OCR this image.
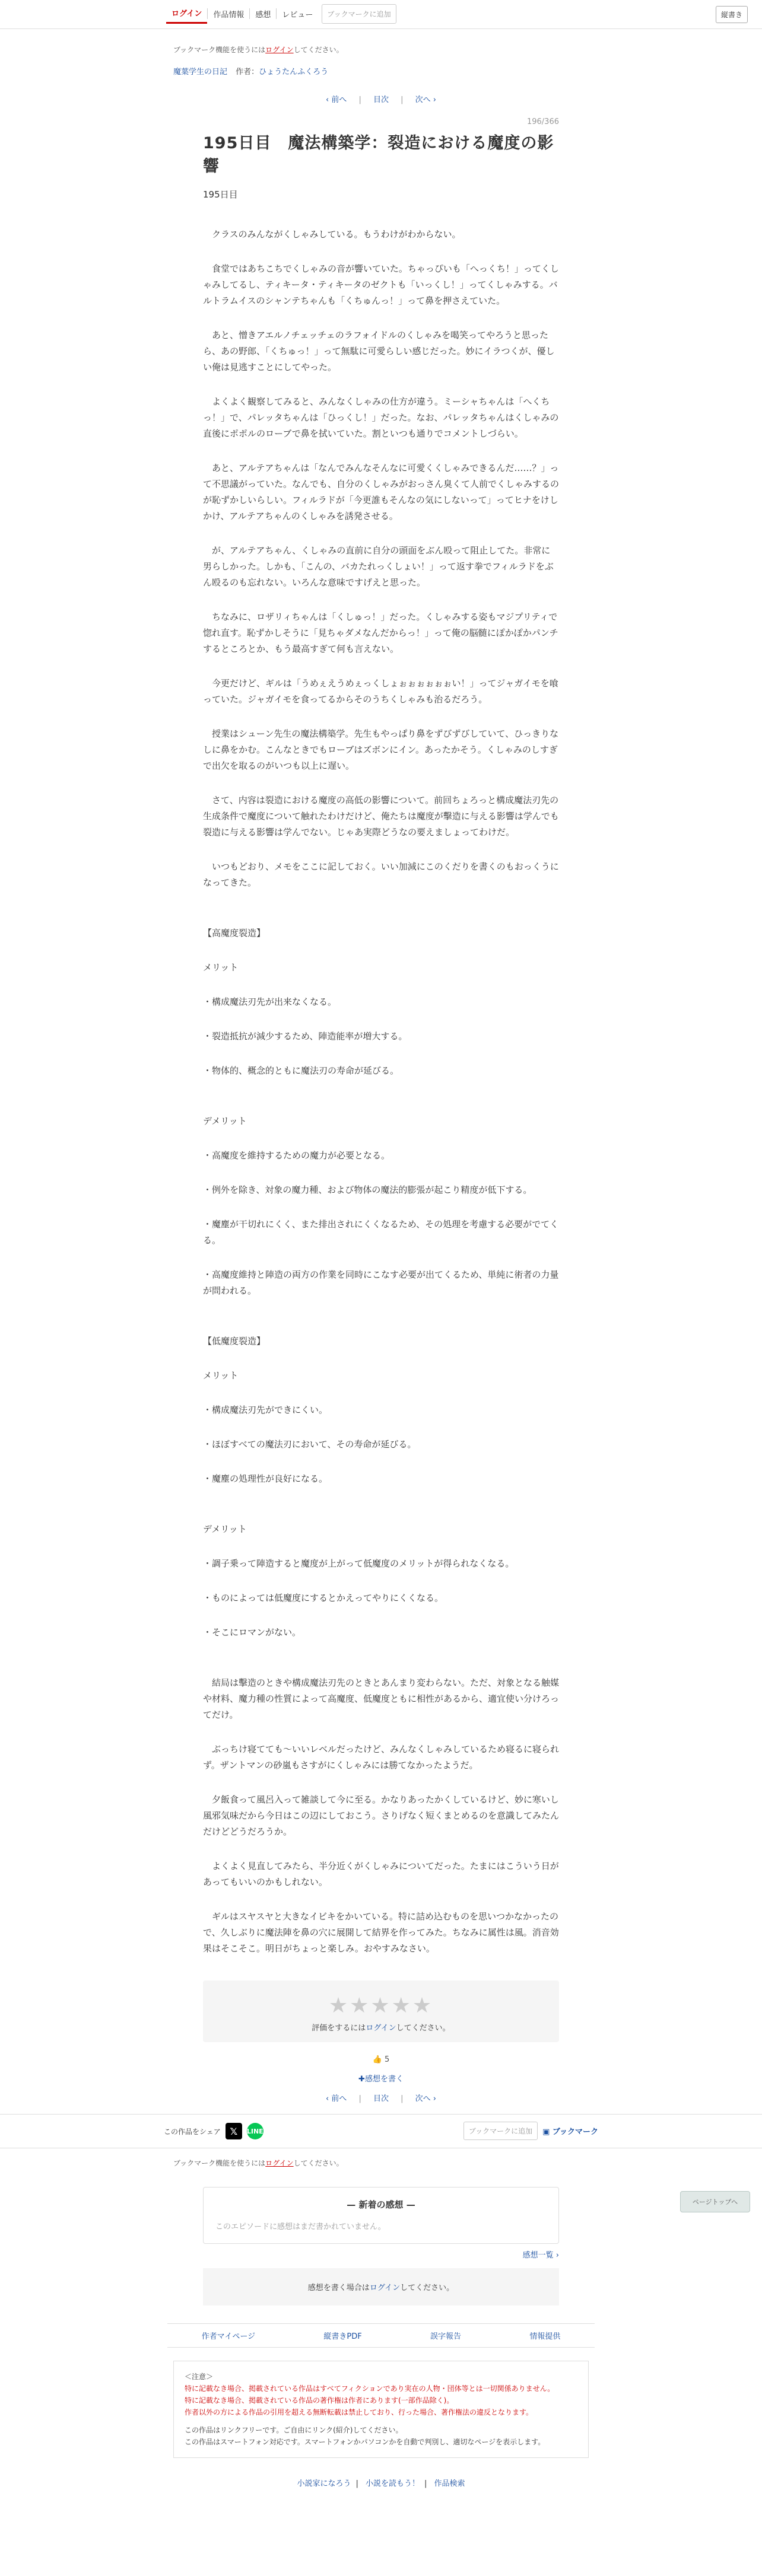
ログイン	作品情報	感想	レビュー	ブックマークに追加	縦書き
ブックマーク機能を使うにはログインしてください。
魔葉学生の日記 作者：ひょうたんふくろう
‹ 前へ | 目次 | 次へ ›
196/366
195日目　魔法構築学：裂造における魔度の影響
195日目

　クラスのみんながくしゃみしている。もうわけがわからない。

　食堂ではあちこちでくしゃみの音が響いていた。ちゃっぴいも「へっくち！」ってくしゃみしてるし、ティキータ・ティキータのゼクトも「いっくし！」ってくしゃみする。バルトラムイスのシャンテちゃんも「くちゅんっ！」って鼻を押さえていた。

　あと、憎きアエルノチェッチェのラフォイドルのくしゃみを喝笑ってやろうと思ったら、あの野郎、「くちゅっ！」って無駄に可愛らしい感じだった。妙にイラつくが、優しい俺は見逃すことにしてやった。

　よくよく観察してみると、みんなくしゃみの仕方が違う。ミーシャちゃんは「へくちっ！」で、パレッタちゃんは「ひっくし！」だった。なお、パレッタちゃんはくしゃみの直後にポポルのローブで鼻を拭いていた。割といつも通りでコメントしづらい。

　あと、アルテアちゃんは「なんでみんなそんなに可愛くくしゃみできるんだ……？」って不思議がっていた。なんでも、自分のくしゃみがおっさん臭くて人前でくしゃみするのが恥ずかしいらしい。フィルラドが「今更誰もそんなの気にしないって」ってヒナをけしかけ、アルテアちゃんのくしゃみを誘発させる。

　が、アルテアちゃん、くしゃみの直前に自分の頭面をぶん殴って阻止してた。非常に男らしかった。しかも、「こんの、バカたれっくしょい！」って返す拳でフィルラドをぶん殴るのも忘れない。いろんな意味ですげえと思った。

　ちなみに、ロザリィちゃんは「くしゅっ！」だった。くしゃみする姿もマジプリティで惚れ直す。恥ずかしそうに「見ちゃダメなんだからっ！」って俺の脳髄にぽかぽかパンチするところとか、もう最高すぎて何も言えない。

　今更だけど、ギルは「うめぇえうめぇっくしょぉぉぉぉぉぉい！」ってジャガイモを喰っていた。ジャガイモを食ってるからそのうちくしゃみも治るだろう。

　授業はシューン先生の魔法構築学。先生もやっぱり鼻をずびずびしていて、ひっきりなしに鼻をかむ。こんなときでもローブはズボンにイン。あったかそう。くしゃみのしすぎで出欠を取るのがいつも以上に遅い。

　さて、内容は裂造における魔度の高低の影響について。前回ちょろっと構成魔法刃先の生成条件で魔度について触れたわけだけど、俺たちは魔度が擊造に与える影響は学んでも裂造に与える影響は学んでない。じゃあ実際どうなの要えましょってわけだ。

　いつもどおり、メモをここに記しておく。いい加減にこのくだりを書くのもおっくうになってきた。

【高魔度裂造】

メリット

・構成魔法刃先が出来なくなる。

・裂造抵抗が減少するため、陣造能率が増大する。

・物体的、概念的ともに魔法刃の寿命が延びる。

デメリット

・高魔度を維持するための魔力が必要となる。

・例外を除き、対象の魔力種、および物体の魔法的膨張が起こり精度が低下する。

・魔塵が干切れにくく、また排出されにくくなるため、その処理を考慮する必要がでてくる。

・高魔度維持と陣造の両方の作業を同時にこなす必要が出てくるため、単純に術者の力量が問われる。

【低魔度裂造】

メリット

・構成魔法刃先ができにくい。

・ほぼすべての魔法刃において、その寿命が延びる。

・魔塵の処理性が良好になる。

デメリット

・調子乗って陣造すると魔度が上がって低魔度のメリットが得られなくなる。

・ものによっては低魔度にするとかえってやりにくくなる。

・そこにロマンがない。

　結局は擊造のときや構成魔法刃先のときとあんまり変わらない。ただ、対象となる触媒や材料、魔力種の性質によって高魔度、低魔度ともに相性があるから、適宜使い分けろってだけ。

　ぶっちけ寝てても～いいレベルだったけど、みんなくしゃみしているため寝るに寝られず。ザントマンの砂嵐もさすがにくしゃみには勝てなかったようだ。

　夕飯食って風呂入って雑談して今に至る。かなりあったかくしているけど、妙に寒いし風邪気味だから今日はこの辺にしておこう。さりげなく短くまとめるのを意識してみたんだけどどうだろうか。

　よくよく見直してみたら、半分近くがくしゃみについてだった。たまにはこういう日があってもいいのかもしれない。

　ギルはスヤスヤと大きなイビキをかいている。特に詰め込むものを思いつかなかったので、久しぶりに魔法陣を鼻の穴に展開して結界を作ってみた。ちなみに属性は風。消音効果はそこそこ。明日がちょっと楽しみ。おやすみなさい。

★★★★★
評価をするにはログインしてください。
👍 5
✚感想を書く
‹ 前へ | 目次 | 次へ ›
この作品をシェア 𝕏	LINE	ブックマークに追加	▣ ブックマーク
ページトップへ
ブックマーク機能を使うにはログインしてください。
— 新着の感想 —
このエピソードに感想はまだ書かれていません。
感想一覧 ›
感想を書く場合はログインしてください。
作者マイページ	縦書きPDF	誤字報告	情報提供
＜注意＞
特に記載なき場合、掲載されている作品はすべてフィクションであり実在の人物・団体等とは一切関係ありません。
特に記載なき場合、掲載されている作品の著作権は作者にあります(一部作品除く)。
作者以外の方による作品の引用を超える無断転載は禁止しており、行った場合、著作権法の違反となります。
この作品はリンクフリーです。ご自由にリンク(紹介)してください。
この作品はスマートフォン対応です。スマートフォンかパソコンかを自動で判別し、適切なページを表示します。
小説家になろう | 小説を読もう！ | 作品検索
